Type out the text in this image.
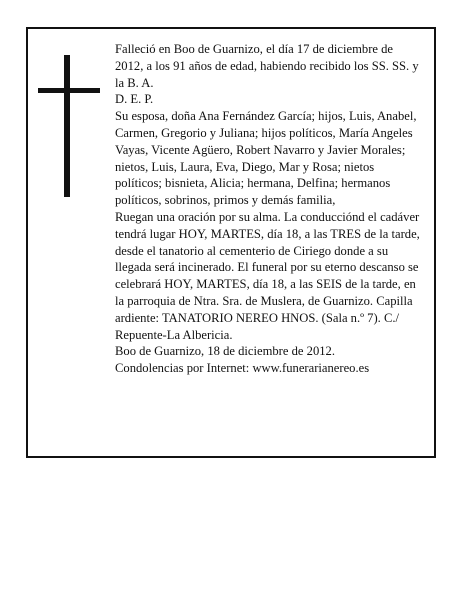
Falleció en Boo de Guarnizo, el día 17 de diciembre de 2012, a los 91 años de edad, habiendo recibido los SS. SS. y la B. A.

D. E. P.

Su esposa, doña Ana Fernández García; hijos, Luis, Anabel, Carmen, Gregorio y Juliana; hijos políticos, María Angeles Vayas, Vicente Agüero, Robert Navarro y Javier Morales; nietos, Luis, Laura, Eva, Diego, Mar y Rosa; nietos políticos; bisnieta, Alicia; hermana, Delfina; hermanos políticos, sobrinos, primos y demás familia,

Ruegan una oración por su alma. La conducciónd el cadáver tendrá lugar HOY, MARTES, día 18, a las TRES de la tarde, desde el tanatorio al cementerio de Ciriego donde a su llegada será incinerado. El funeral por su eterno descanso se celebrará HOY, MARTES, día 18, a las SEIS de la tarde, en la parroquia de Ntra. Sra. de Muslera, de Guarnizo. Capilla ardiente: TANATORIO NEREO HNOS. (Sala n.º 7). C./ Repuente-La Albericia.

Boo de Guarnizo, 18 de diciembre de 2012.

Condolencias por Internet: www.funerarianereo.es
